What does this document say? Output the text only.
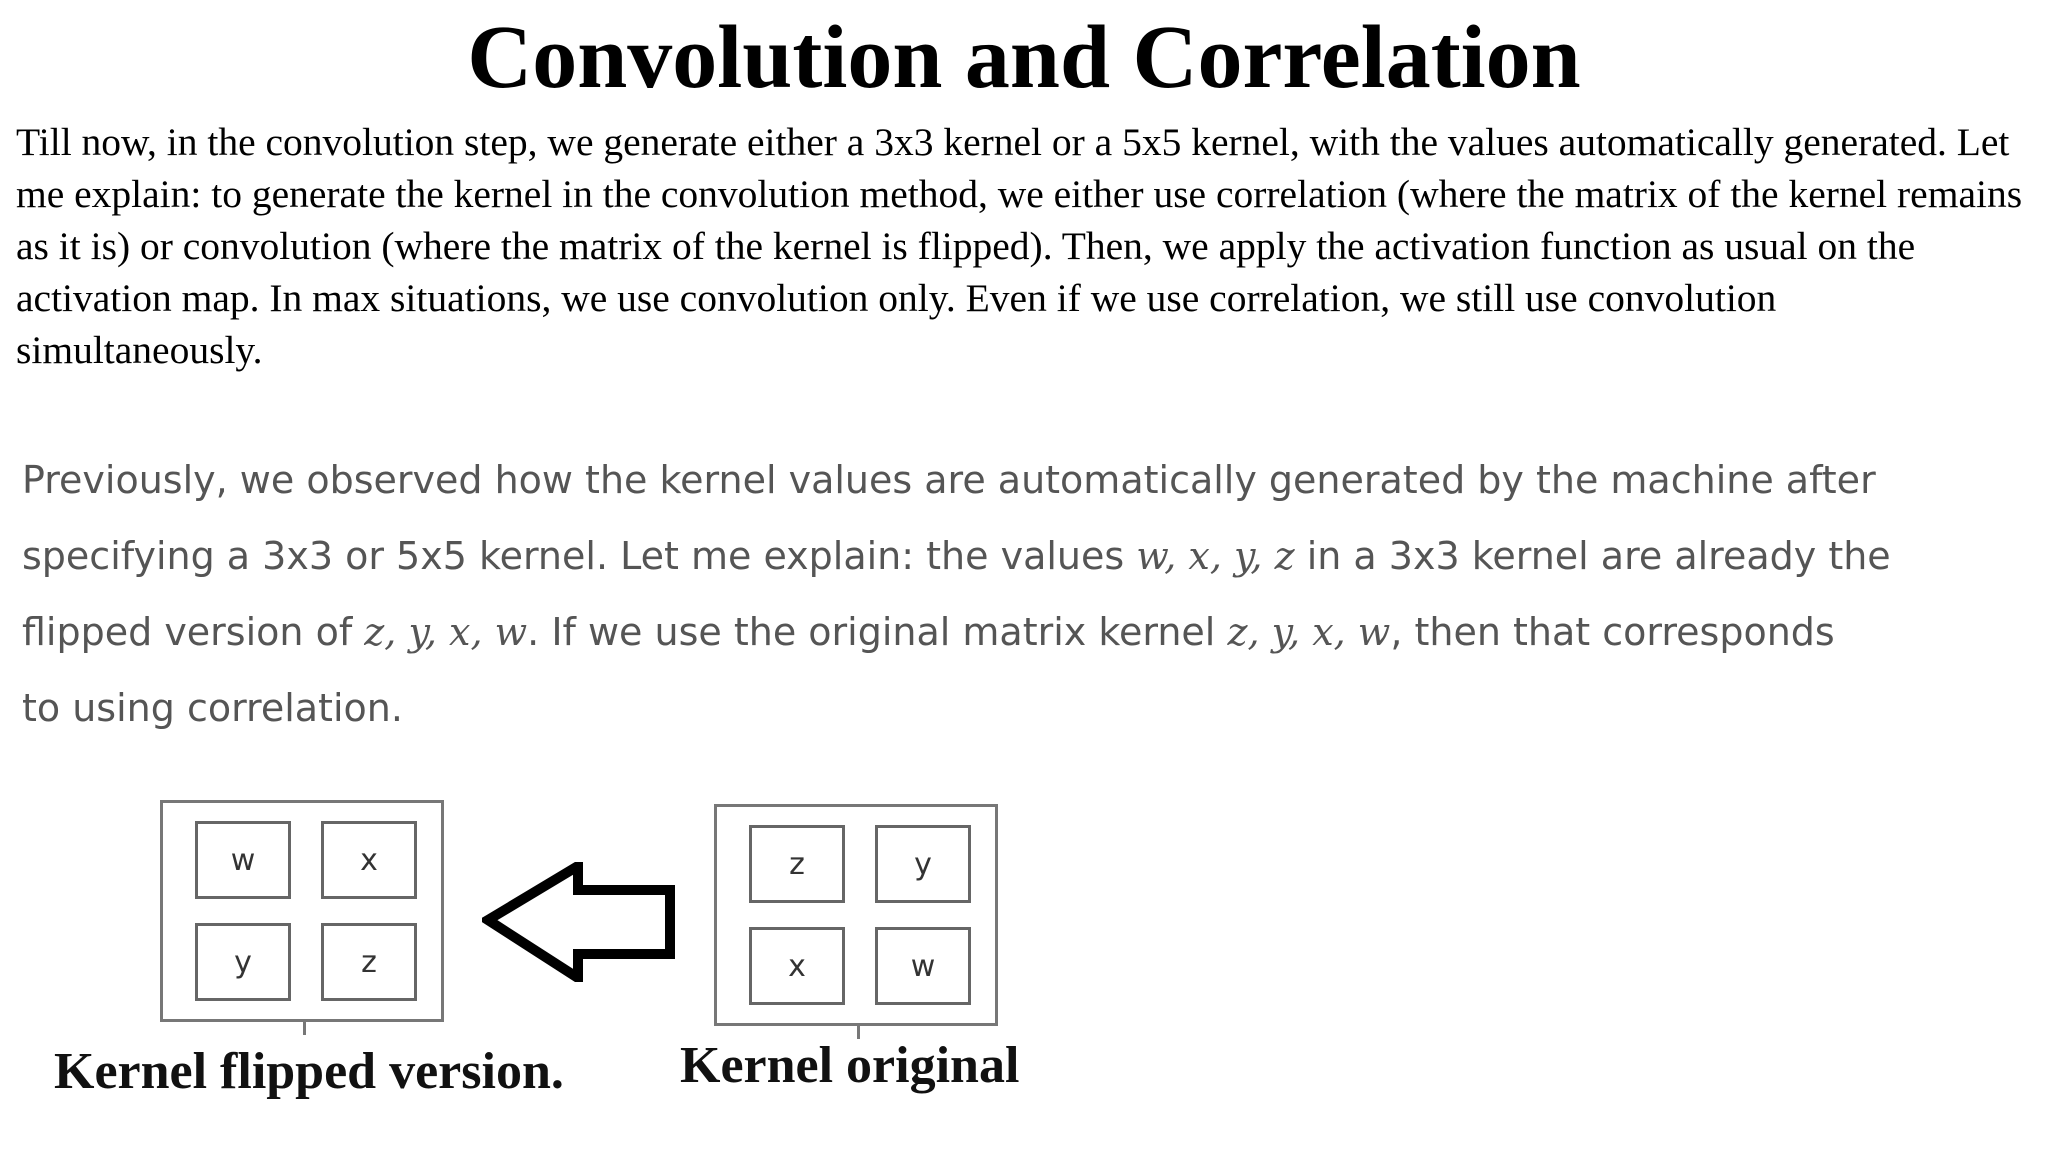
Convolution and Correlation

Till now, in the convolution step, we generate either a 3x3 kernel or a 5x5 kernel, with the values automatically generated. Let me explain: to generate the kernel in the convolution method, we either use correlation (where the matrix of the kernel remains as it is) or convolution (where the matrix of the kernel is flipped). Then, we apply the activation function as usual on the activation map. In max situations, we use convolution only. Even if we use correlation, we still use convolution simultaneously.

Previously, we observed how the kernel values are automatically generated by the machine after
specifying a 3x3 or 5x5 kernel. Let me explain: the values w, x, y, z in a 3x3 kernel are already the
flipped version of z, y, x, w. If we use the original matrix kernel z, y, x, w, then that corresponds
to using correlation.
w	x
y	z
z	y
x	w

Kernel flipped version. Kernel original
